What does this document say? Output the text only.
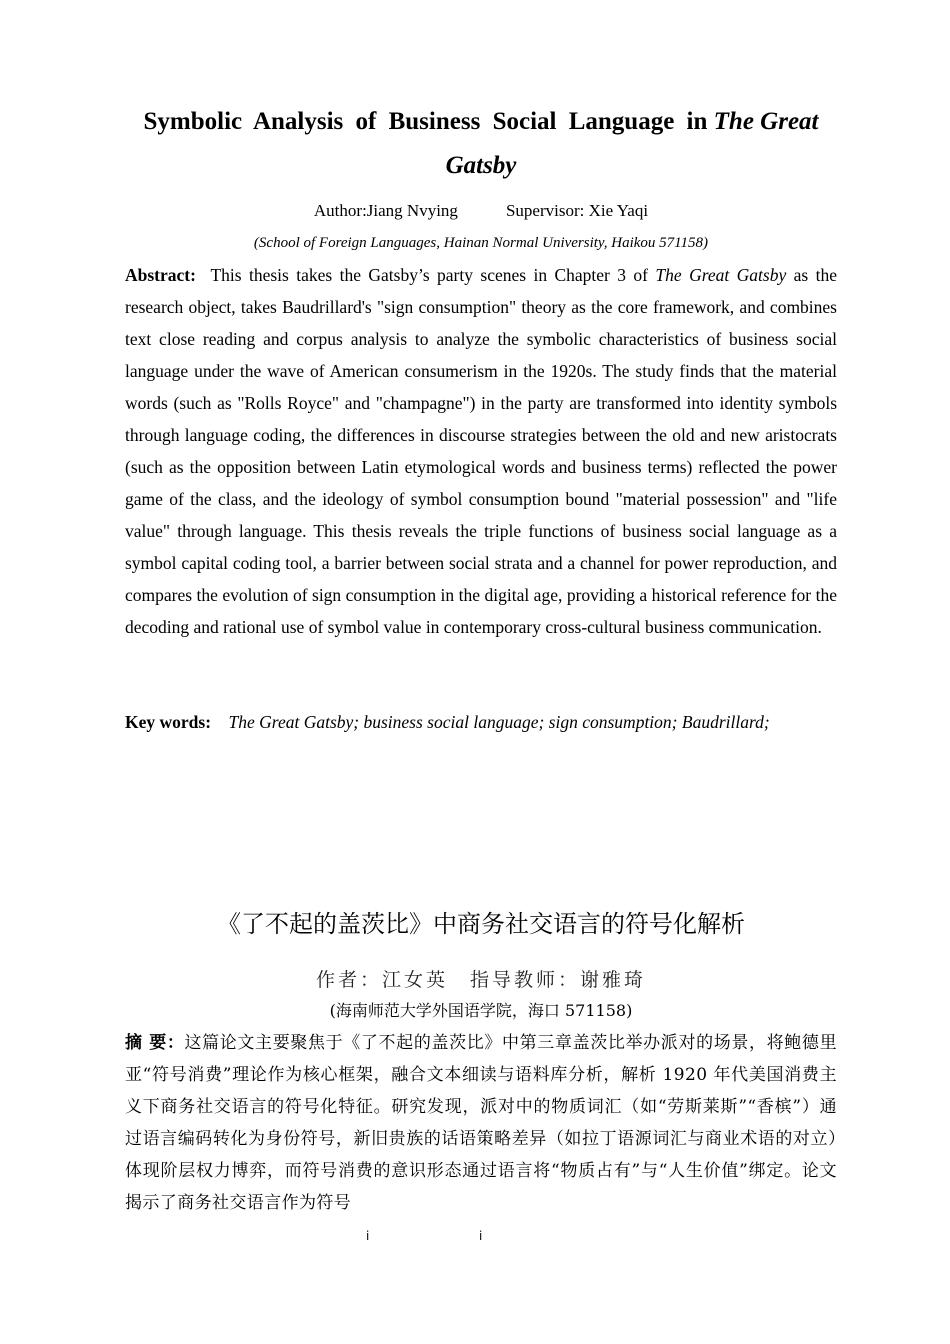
Symbolic Analysis of Business Social Language in The Great Gatsby
Author:Jiang Nvying	Supervisor: Xie Yaqi
(School of Foreign Languages, Hainan Normal University, Haikou 571158)

Abstract: This thesis takes the Gatsby’s party scenes in Chapter 3 of The Great Gatsby as the research object, takes Baudrillard's "sign consumption" theory as the core framework, and combines text close reading and corpus analysis to analyze the symbolic characteristics of business social language under the wave of American consumerism in the 1920s. The study finds that the material words (such as "Rolls Royce" and "champagne") in the party are transformed into identity symbols through language coding, the differences in discourse strategies between the old and new aristocrats (such as the opposition between Latin etymological words and business terms) reflected the power game of the class, and the ideology of symbol consumption bound "material possession" and "life value" through language. This thesis reveals the triple functions of business social language as a symbol capital coding tool, a barrier between social strata and a channel for power reproduction, and compares the evolution of sign consumption in the digital age, providing a historical reference for the decoding and rational use of symbol value in contemporary cross-cultural business communication.

Key words: The Great Gatsby; business social language; sign consumption; Baudrillard;

《了不起的盖茨比》中商务社交语言的符号化解析
作者：江女英 指导教师：谢雅琦
(海南师范大学外国语学院，海口 571158)

摘 要：这篇论文主要聚焦于《了不起的盖茨比》中第三章盖茨比举办派对的场景，将鲍德里亚“符号消费”理论作为核心框架，融合文本细读与语料库分析，解析 1920 年代美国消费主义下商务社交语言的符号化特征。研究发现，派对中的物质词汇（如“劳斯莱斯”“香槟”）通过语言编码转化为身份符号，新旧贵族的话语策略差异（如拉丁语源词汇与商业术语的对立）体现阶层权力博弈，而符号消费的意识形态通过语言将“物质占有”与“人生价值”绑定。论文揭示了商务社交语言作为符号

i	i
